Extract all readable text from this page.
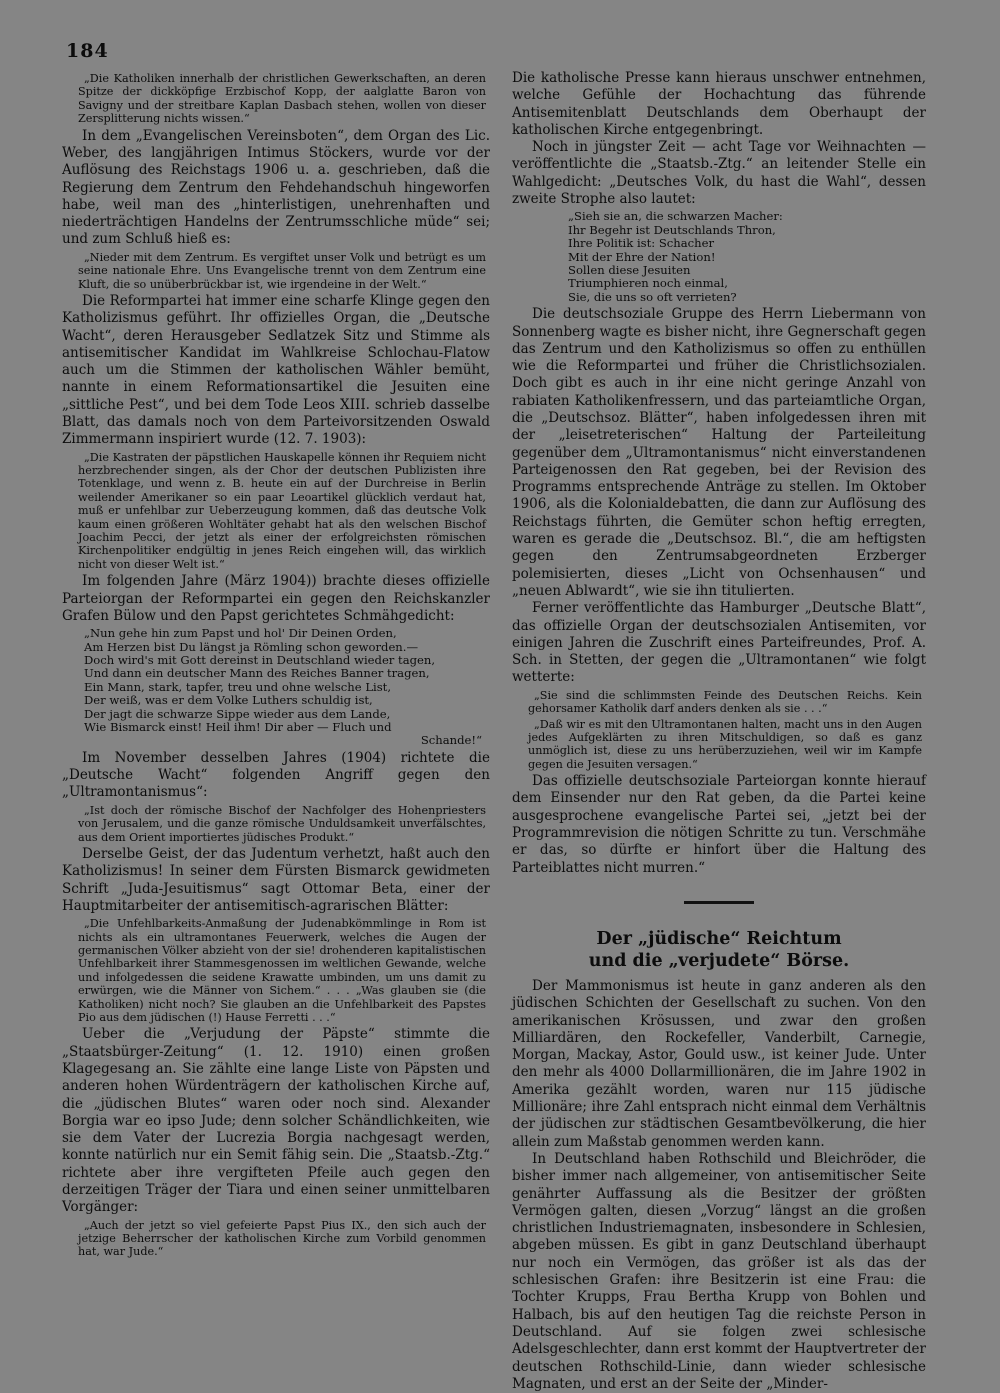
184

„Die Katholiken innerhalb der christlichen Gewerkschaften, an deren Spitze der dickköpfige Erzbischof Kopp, der aalglatte Baron von Savigny und der streitbare Kaplan Dasbach stehen, wollen von dieser Zersplitterung nichts wissen.“

In dem „Evangelischen Vereinsboten“, dem Organ des Lic. Weber, des langjährigen Intimus Stöckers, wurde vor der Auflösung des Reichstags 1906 u. a. geschrieben, daß die Regierung dem Zentrum den Fehdehandschuh hingeworfen habe, weil man des „hinterlistigen, unehrenhaften und niederträchtigen Handelns der Zentrumsschliche müde“ sei; und zum Schluß hieß es:

„Nieder mit dem Zentrum. Es vergiftet unser Volk und betrügt es um seine nationale Ehre. Uns Evangelische trennt von dem Zentrum eine Kluft, die so unüberbrückbar ist, wie irgendeine in der Welt.“

Die Reformpartei hat immer eine scharfe Klinge gegen den Katholizismus geführt. Ihr offizielles Organ, die „Deutsche Wacht“, deren Herausgeber Sedlatzek Sitz und Stimme als antisemitischer Kandidat im Wahlkreise Schlochau-Flatow auch um die Stimmen der katholischen Wähler bemüht, nannte in einem Reformationsartikel die Jesuiten eine „sittliche Pest“, und bei dem Tode Leos XIII. schrieb dasselbe Blatt, das damals noch von dem Parteivorsitzenden Oswald Zimmermann inspiriert wurde (12. 7. 1903):

„Die Kastraten der päpstlichen Hauskapelle können ihr Requiem nicht herzbrechender singen, als der Chor der deutschen Publizisten ihre Totenklage, und wenn z. B. heute ein auf der Durchreise in Berlin weilender Amerikaner so ein paar Leoartikel glücklich verdaut hat, muß er unfehlbar zur Ueberzeugung kommen, daß das deutsche Volk kaum einen größeren Wohltäter gehabt hat als den welschen Bischof Joachim Pecci, der jetzt als einer der erfolgreichsten römischen Kirchenpolitiker endgültig in jenes Reich eingehen will, das wirklich nicht von dieser Welt ist.“

Im folgenden Jahre (März 1904)) brachte dieses offizielle Parteiorgan der Reformpartei ein gegen den Reichskanzler Grafen Bülow und den Papst gerichtetes Schmähgedicht:

„Nun gehe hin zum Papst und hol' Dir Deinen Orden,
Am Herzen bist Du längst ja Römling schon geworden.—
Doch wird's mit Gott dereinst in Deutschland wieder tagen,
Und dann ein deutscher Mann des Reiches Banner tragen,
Ein Mann, stark, tapfer, treu und ohne welsche List,
Der weiß, was er dem Volke Luthers schuldig ist,
Der jagt die schwarze Sippe wieder aus dem Lande,
Wie Bismarck einst! Heil ihm! Dir aber — Fluch und
Schande!“

Im November desselben Jahres (1904) richtete die „Deutsche Wacht“ folgenden Angriff gegen den „Ultramontanismus“:

„Ist doch der römische Bischof der Nachfolger des Hohenpriesters von Jerusalem, und die ganze römische Unduldsamkeit unverfälschtes, aus dem Orient importiertes jüdisches Produkt.“

Derselbe Geist, der das Judentum verhetzt, haßt auch den Katholizismus! In seiner dem Fürsten Bismarck gewidmeten Schrift „Juda-Jesuitismus“ sagt Ottomar Beta, einer der Hauptmitarbeiter der antisemitisch-agrarischen Blätter:

„Die Unfehlbarkeits-Anmaßung der Judenabkömmlinge in Rom ist nichts als ein ultramontanes Feuerwerk, welches die Augen der germanischen Völker abzieht von der sie! drohenderen kapitalistischen Unfehlbarkeit ihrer Stammesgenossen im weltlichen Gewande, welche und infolgedessen die seidene Krawatte umbinden, um uns damit zu erwürgen, wie die Männer von Sichem.“ . . . „Was glauben sie (die Katholiken) nicht noch? Sie glauben an die Unfehlbarkeit des Papstes Pio aus dem jüdischen (!) Hause Ferretti . . .“

Ueber die „Verjudung der Päpste“ stimmte die „Staatsbürger-Zeitung“ (1. 12. 1910) einen großen Klagegesang an. Sie zählte eine lange Liste von Päpsten und anderen hohen Würdenträgern der katholischen Kirche auf, die „jüdischen Blutes“ waren oder noch sind. Alexander Borgia war eo ipso Jude; denn solcher Schändlichkeiten, wie sie dem Vater der Lucrezia Borgia nachgesagt werden, konnte natürlich nur ein Semit fähig sein. Die „Staatsb.-Ztg.“ richtete aber ihre vergifteten Pfeile auch gegen den derzeitigen Träger der Tiara und einen seiner unmittelbaren Vorgänger:

„Auch der jetzt so viel gefeierte Papst Pius IX., den sich auch der jetzige Beherrscher der katholischen Kirche zum Vorbild genommen hat, war Jude.“

Die katholische Presse kann hieraus unschwer entnehmen, welche Gefühle der Hochachtung das führende Antisemitenblatt Deutschlands dem Oberhaupt der katholischen Kirche entgegenbringt.

Noch in jüngster Zeit — acht Tage vor Weihnachten — veröffentlichte die „Staatsb.-Ztg.“ an leitender Stelle ein Wahlgedicht: „Deutsches Volk, du hast die Wahl“, dessen zweite Strophe also lautet:

„Sieh sie an, die schwarzen Macher:
Ihr Begehr ist Deutschlands Thron,
Ihre Politik ist: Schacher
Mit der Ehre der Nation!
Sollen diese Jesuiten
Triumphieren noch einmal,
Sie, die uns so oft verrieten?

Die deutschsoziale Gruppe des Herrn Liebermann von Sonnenberg wagte es bisher nicht, ihre Gegnerschaft gegen das Zentrum und den Katholizismus so offen zu enthüllen wie die Reformpartei und früher die Christlichsozialen. Doch gibt es auch in ihr eine nicht geringe Anzahl von rabiaten Katholikenfressern, und das parteiamtliche Organ, die „Deutschsoz. Blätter“, haben infolgedessen ihren mit der „leisetreterischen“ Haltung der Parteileitung gegenüber dem „Ultramontanismus“ nicht einverstandenen Parteigenossen den Rat gegeben, bei der Revision des Programms entsprechende Anträge zu stellen. Im Oktober 1906, als die Kolonialdebatten, die dann zur Auflösung des Reichstags führten, die Gemüter schon heftig erregten, waren es gerade die „Deutschsoz. Bl.“, die am heftigsten gegen den Zentrumsabgeordneten Erzberger polemisierten, dieses „Licht von Ochsenhausen“ und „neuen Ablwardt“, wie sie ihn titulierten.

Ferner veröffentlichte das Hamburger „Deutsche Blatt“, das offizielle Organ der deutschsozialen Antisemiten, vor einigen Jahren die Zuschrift eines Parteifreundes, Prof. A. Sch. in Stetten, der gegen die „Ultramontanen“ wie folgt wetterte:

„Sie sind die schlimmsten Feinde des Deutschen Reichs. Kein gehorsamer Katholik darf anders denken als sie . . .“

„Daß wir es mit den Ultramontanen halten, macht uns in den Augen jedes Aufgeklärten zu ihren Mitschuldigen, so daß es ganz unmöglich ist, diese zu uns herüberzuziehen, weil wir im Kampfe gegen die Jesuiten versagen.“

Das offizielle deutschsoziale Parteiorgan konnte hierauf dem Einsender nur den Rat geben, da die Partei keine ausgesprochene evangelische Partei sei, „jetzt bei der Programmrevision die nötigen Schritte zu tun. Verschmähe er das, so dürfte er hinfort über die Haltung des Parteiblattes nicht murren.“

Der „jüdische“ Reichtum
und die „verjudete“ Börse.

Der Mammonismus ist heute in ganz anderen als den jüdischen Schichten der Gesellschaft zu suchen. Von den amerikanischen Krösussen, und zwar den großen Milliardären, den Rockefeller, Vanderbilt, Carnegie, Morgan, Mackay, Astor, Gould usw., ist keiner Jude. Unter den mehr als 4000 Dollarmillionären, die im Jahre 1902 in Amerika gezählt worden, waren nur 115 jüdische Millionäre; ihre Zahl entsprach nicht einmal dem Verhältnis der jüdischen zur städtischen Gesamtbevölkerung, die hier allein zum Maßstab genommen werden kann.

In Deutschland haben Rothschild und Bleichröder, die bisher immer nach allgemeiner, von antisemitischer Seite genährter Auffassung als die Besitzer der größten Vermögen galten, diesen „Vorzug“ längst an die großen christlichen Industriemagnaten, insbesondere in Schlesien, abgeben müssen. Es gibt in ganz Deutschland überhaupt nur noch ein Vermögen, das größer ist als das der schlesischen Grafen: ihre Besitzerin ist eine Frau: die Tochter Krupps, Frau Bertha Krupp von Bohlen und Halbach, bis auf den heutigen Tag die reichste Person in Deutschland. Auf sie folgen zwei schlesische Adelsgeschlechter, dann erst kommt der Hauptvertreter der deutschen Rothschild-Linie, dann wieder schlesische Magnaten, und erst an der Seite der „Minder-
